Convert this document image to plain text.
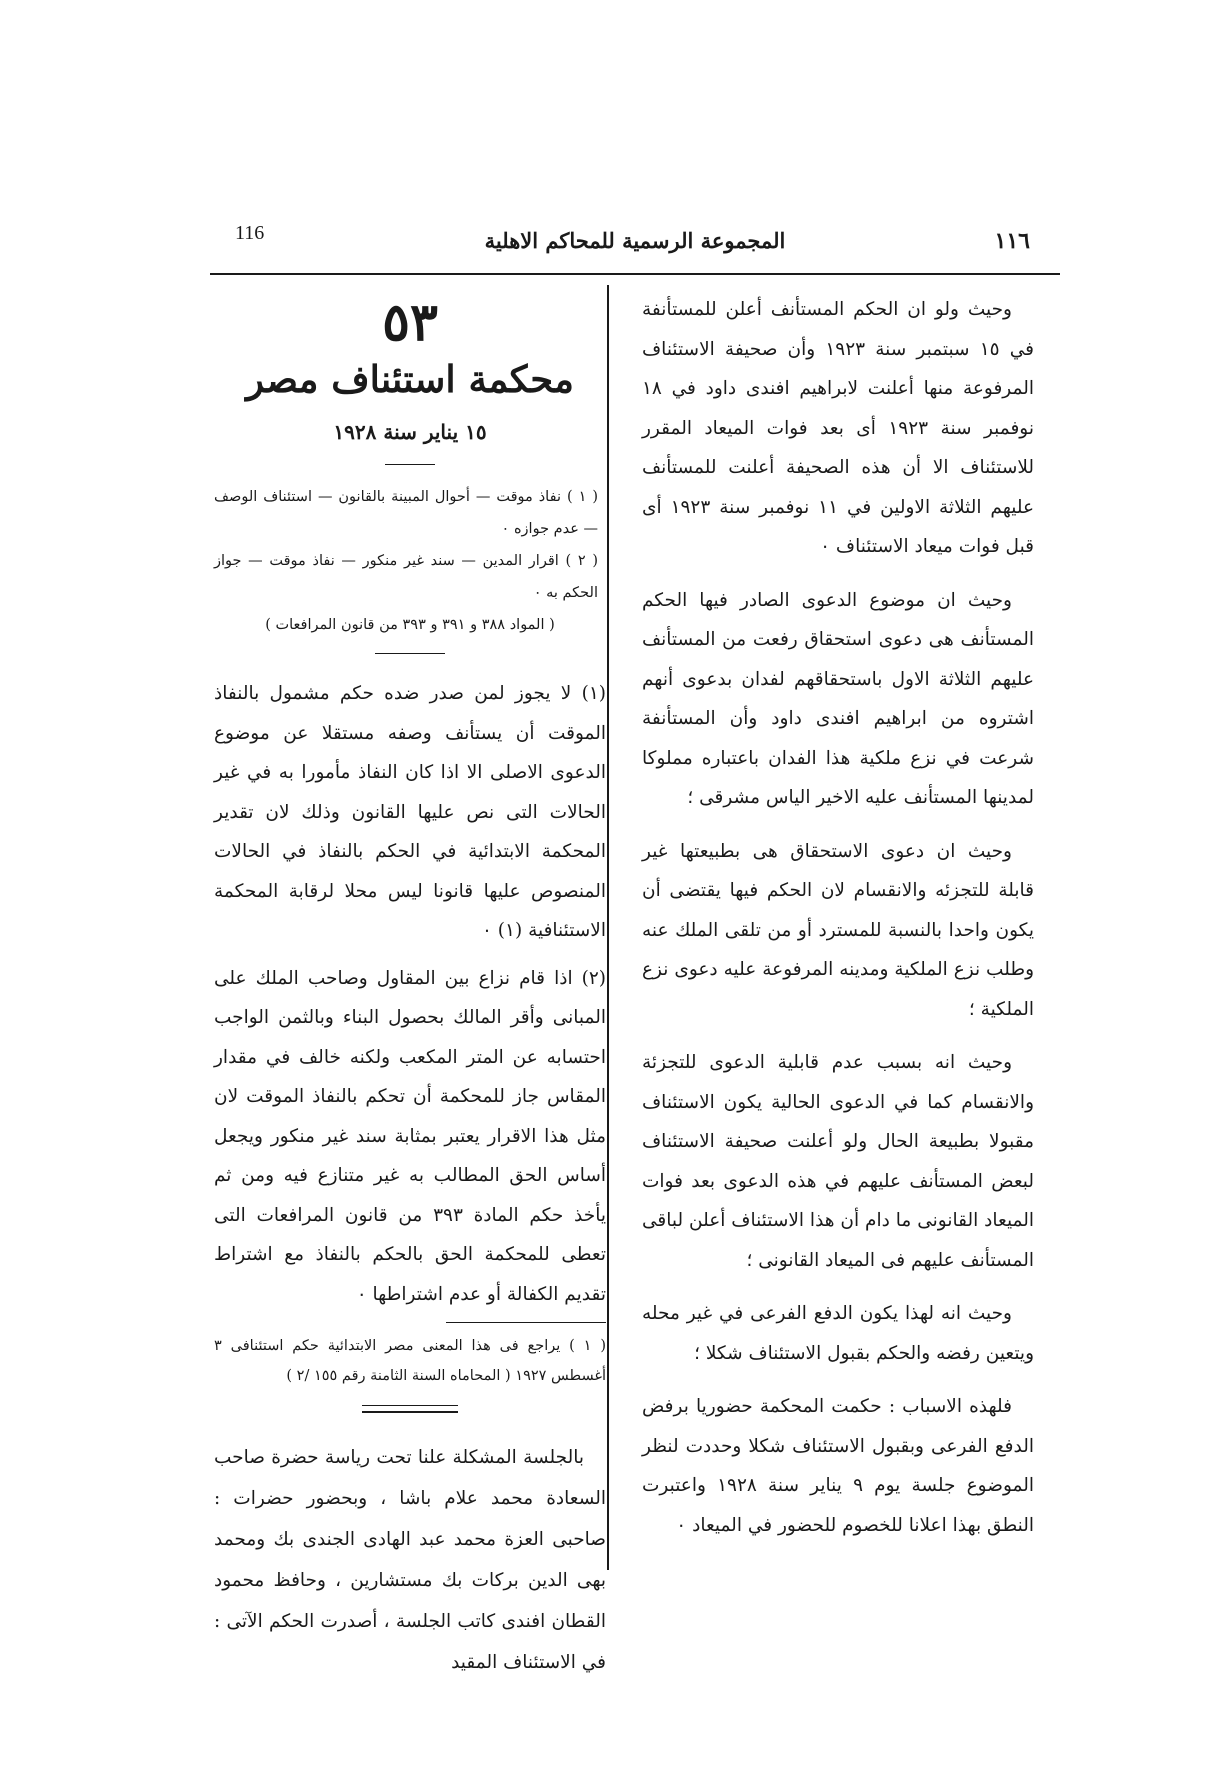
١١٦
المجموعة الرسمية للمحاكم الاهلية
116

وحيث ولو ان الحكم المستأنف أعلن للمستأنفة في ١٥ سبتمبر سنة ١٩٢٣ وأن صحيفة الاستئناف المرفوعة منها أعلنت لابراهيم افندى داود في ١٨ نوفمبر سنة ١٩٢٣ أى بعد فوات الميعاد المقرر للاستئناف الا أن هذه الصحيفة أعلنت للمستأنف عليهم الثلاثة الاولين في ١١ نوفمبر سنة ١٩٢٣ أى قبل فوات ميعاد الاستئناف ٠

وحيث ان موضوع الدعوى الصادر فيها الحكم المستأنف هى دعوى استحقاق رفعت من المستأنف عليهم الثلاثة الاول باستحقاقهم لفدان بدعوى أنهم اشتروه من ابراهيم افندى داود وأن المستأنفة شرعت في نزع ملكية هذا الفدان باعتباره مملوكا لمدينها المستأنف عليه الاخير الياس مشرقى ؛

وحيث ان دعوى الاستحقاق هى بطبيعتها غير قابلة للتجزئه والانقسام لان الحكم فيها يقتضى أن يكون واحدا بالنسبة للمسترد أو من تلقى الملك عنه وطلب نزع الملكية ومدينه المرفوعة عليه دعوى نزع الملكية ؛

وحيث انه بسبب عدم قابلية الدعوى للتجزئة والانقسام كما في الدعوى الحالية يكون الاستئناف مقبولا بطبيعة الحال ولو أعلنت صحيفة الاستئناف لبعض المستأنف عليهم في هذه الدعوى بعد فوات الميعاد القانونى ما دام أن هذا الاستئناف أعلن لباقى المستأنف عليهم فى الميعاد القانونى ؛

وحيث انه لهذا يكون الدفع الفرعى في غير محله ويتعين رفضه والحكم بقبول الاستئناف شكلا ؛

فلهذه الاسباب : حكمت المحكمة حضوريا برفض الدفع الفرعى وبقبول الاستئناف شكلا وحددت لنظر الموضوع جلسة يوم ٩ يناير سنة ١٩٢٨ واعتبرت النطق بهذا اعلانا للخصوم للحضور في الميعاد ٠

٥٣
محكمة استئناف مصر
١٥ يناير سنة ١٩٢٨

( ١ ) نفاذ موقت — أحوال المبينة بالقانون — استئناف الوصف — عدم جوازه ٠

( ٢ ) اقرار المدين — سند غير منكور — نفاذ موقت — جواز الحكم به ٠

( المواد ٣٨٨ و ٣٩١ و ٣٩٣ من قانون المرافعات )

(١) لا يجوز لمن صدر ضده حكم مشمول بالنفاذ الموقت أن يستأنف وصفه مستقلا عن موضوع الدعوى الاصلى الا اذا كان النفاذ مأمورا به في غير الحالات التى نص عليها القانون وذلك لان تقدير المحكمة الابتدائية في الحكم بالنفاذ في الحالات المنصوص عليها قانونا ليس محلا لرقابة المحكمة الاستئنافية (١) ٠

(٢) اذا قام نزاع بين المقاول وصاحب الملك على المبانى وأقر المالك بحصول البناء وبالثمن الواجب احتسابه عن المتر المكعب ولكنه خالف في مقدار المقاس جاز للمحكمة أن تحكم بالنفاذ الموقت لان مثل هذا الاقرار يعتبر بمثابة سند غير منكور ويجعل أساس الحق المطالب به غير متنازع فيه ومن ثم يأخذ حكم المادة ٣٩٣ من قانون المرافعات التى تعطى للمحكمة الحق بالحكم بالنفاذ مع اشتراط تقديم الكفالة أو عدم اشتراطها ٠

( ١ ) يراجع فى هذا المعنى مصر الابتدائية حكم استئنافى ٣ أغسطس ١٩٢٧ ( المحاماه السنة الثامنة رقم ١٥٥ /٢ )

بالجلسة المشكلة علنا تحت رياسة حضرة صاحب السعادة محمد علام باشا ، وبحضور حضرات : صاحبى العزة محمد عبد الهادى الجندى بك ومحمد بهى الدين بركات بك مستشارين ، وحافظ محمود القطان افندى كاتب الجلسة ، أصدرت الحكم الآتى : في الاستئناف المقيد
